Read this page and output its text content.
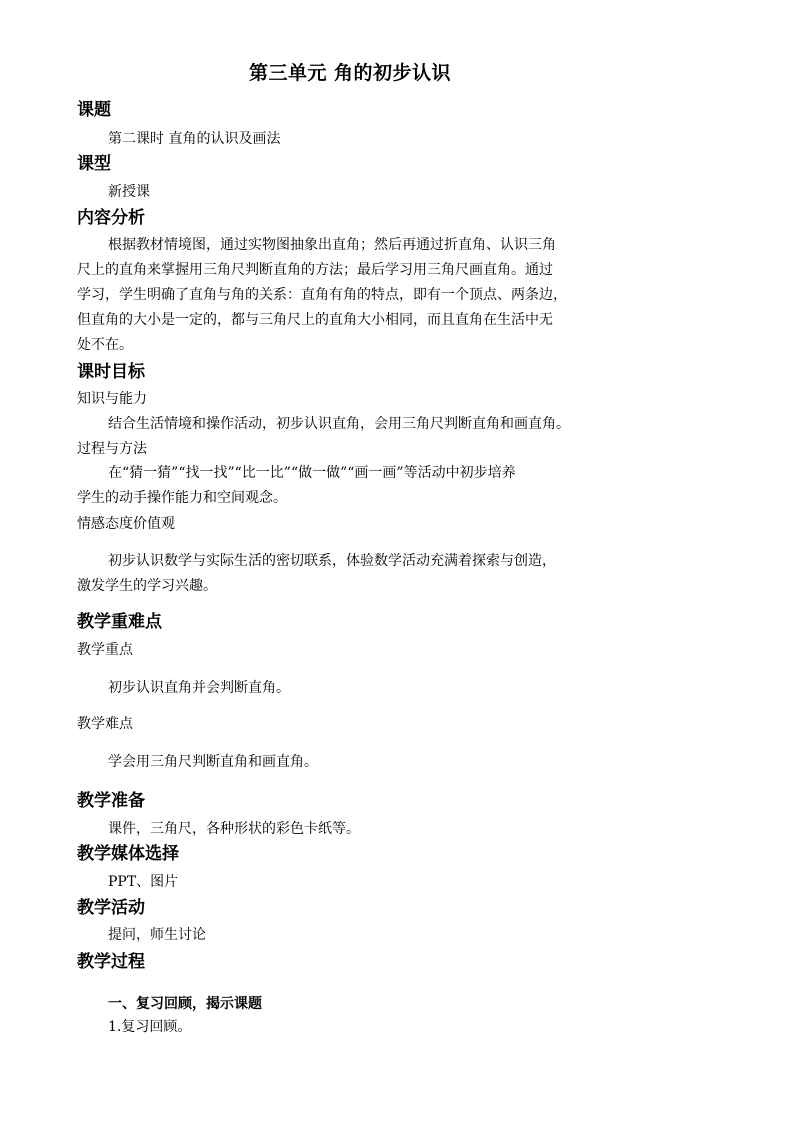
第三单元 角的初步认识
课题
第二课时 直角的认识及画法
课型
新授课
内容分析
根据教材情境图，通过实物图抽象出直角；然后再通过折直角、认识三角
尺上的直角来掌握用三角尺判断直角的方法；最后学习用三角尺画直角。通过
学习，学生明确了直角与角的关系：直角有角的特点，即有一个顶点、两条边，
但直角的大小是一定的，都与三角尺上的直角大小相同，而且直角在生活中无
处不在。
课时目标
知识与能力
结合生活情境和操作活动，初步认识直角，会用三角尺判断直角和画直角。
过程与方法
在“猜一猜”“找一找”“比一比”“做一做”“画一画”等活动中初步培养
学生的动手操作能力和空间观念。
情感态度价值观
初步认识数学与实际生活的密切联系，体验数学活动充满着探索与创造，
激发学生的学习兴趣。
教学重难点
教学重点
初步认识直角并会判断直角。
教学难点
学会用三角尺判断直角和画直角。
教学准备
课件，三角尺，各种形状的彩色卡纸等。
教学媒体选择
PPT、图片
教学活动
提问，师生讨论
教学过程
一、复习回顾，揭示课题
1.复习回顾。
